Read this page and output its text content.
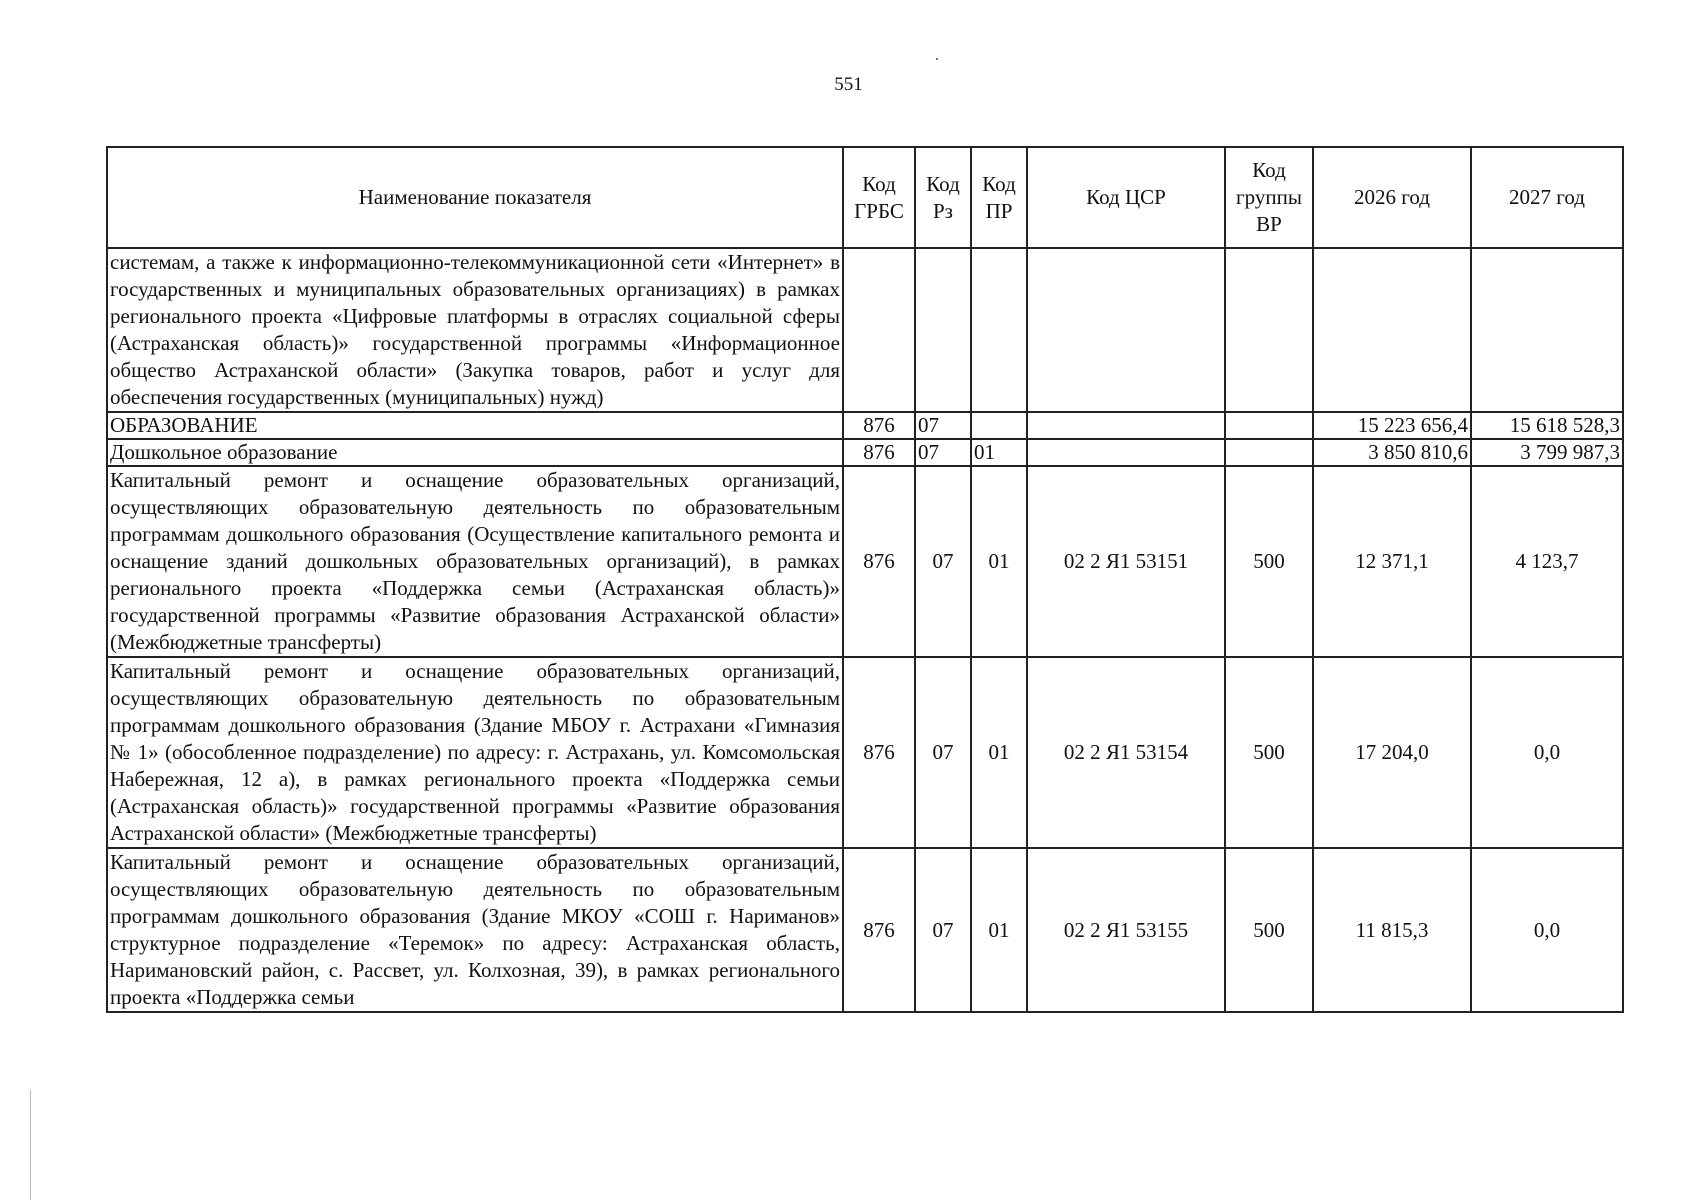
551
Наименование показателя	Код ГРБС	Код Рз	Код ПР	Код ЦСР	Код группы ВР	2026 год	2027 год
системам, а также к информационно-телекоммуникационной сети «Интернет» в государственных и муниципальных образовательных организациях) в рамках регионального проекта «Цифровые платформы в отраслях социальной сферы (Астраханская область)» государственной программы «Информационное общество Астраханской области» (Закупка товаров, работ и услуг для обеспечения государственных (муниципальных) нужд)							
ОБРАЗОВАНИЕ	876	07				15 223 656,4	15 618 528,3
Дошкольное образование	876	07	01			3 850 810,6	3 799 987,3
Капитальный ремонт и оснащение образовательных организаций, осуществляющих образовательную деятельность по образовательным программам дошкольного образования (Осуществление капитального ремонта и оснащение зданий дошкольных образовательных организаций), в рамках регионального проекта «Поддержка семьи (Астраханская область)» государственной программы «Развитие образования Астраханской области» (Межбюджетные трансферты)	876	07	01	02 2 Я1 53151	500	12 371,1	4 123,7
Капитальный ремонт и оснащение образовательных организаций, осуществляющих образовательную деятельность по образовательным программам дошкольного образования (Здание МБОУ г. Астрахани «Гимназия № 1» (обособленное подразделение) по адресу: г. Астрахань, ул. Комсомольская Набережная, 12 а), в рамках регионального проекта «Поддержка семьи (Астраханская область)» государственной программы «Развитие образования Астраханской области» (Межбюджетные трансферты)	876	07	01	02 2 Я1 53154	500	17 204,0	0,0
Капитальный ремонт и оснащение образовательных организаций, осуществляющих образовательную деятельность по образовательным программам дошкольного образования (Здание МКОУ «СОШ г. Нариманов» структурное подразделение «Теремок» по адресу: Астраханская область, Наримановский район, с. Рассвет, ул. Колхозная, 39), в рамках регионального проекта «Поддержка семьи	876	07	01	02 2 Я1 53155	500	11 815,3	0,0
